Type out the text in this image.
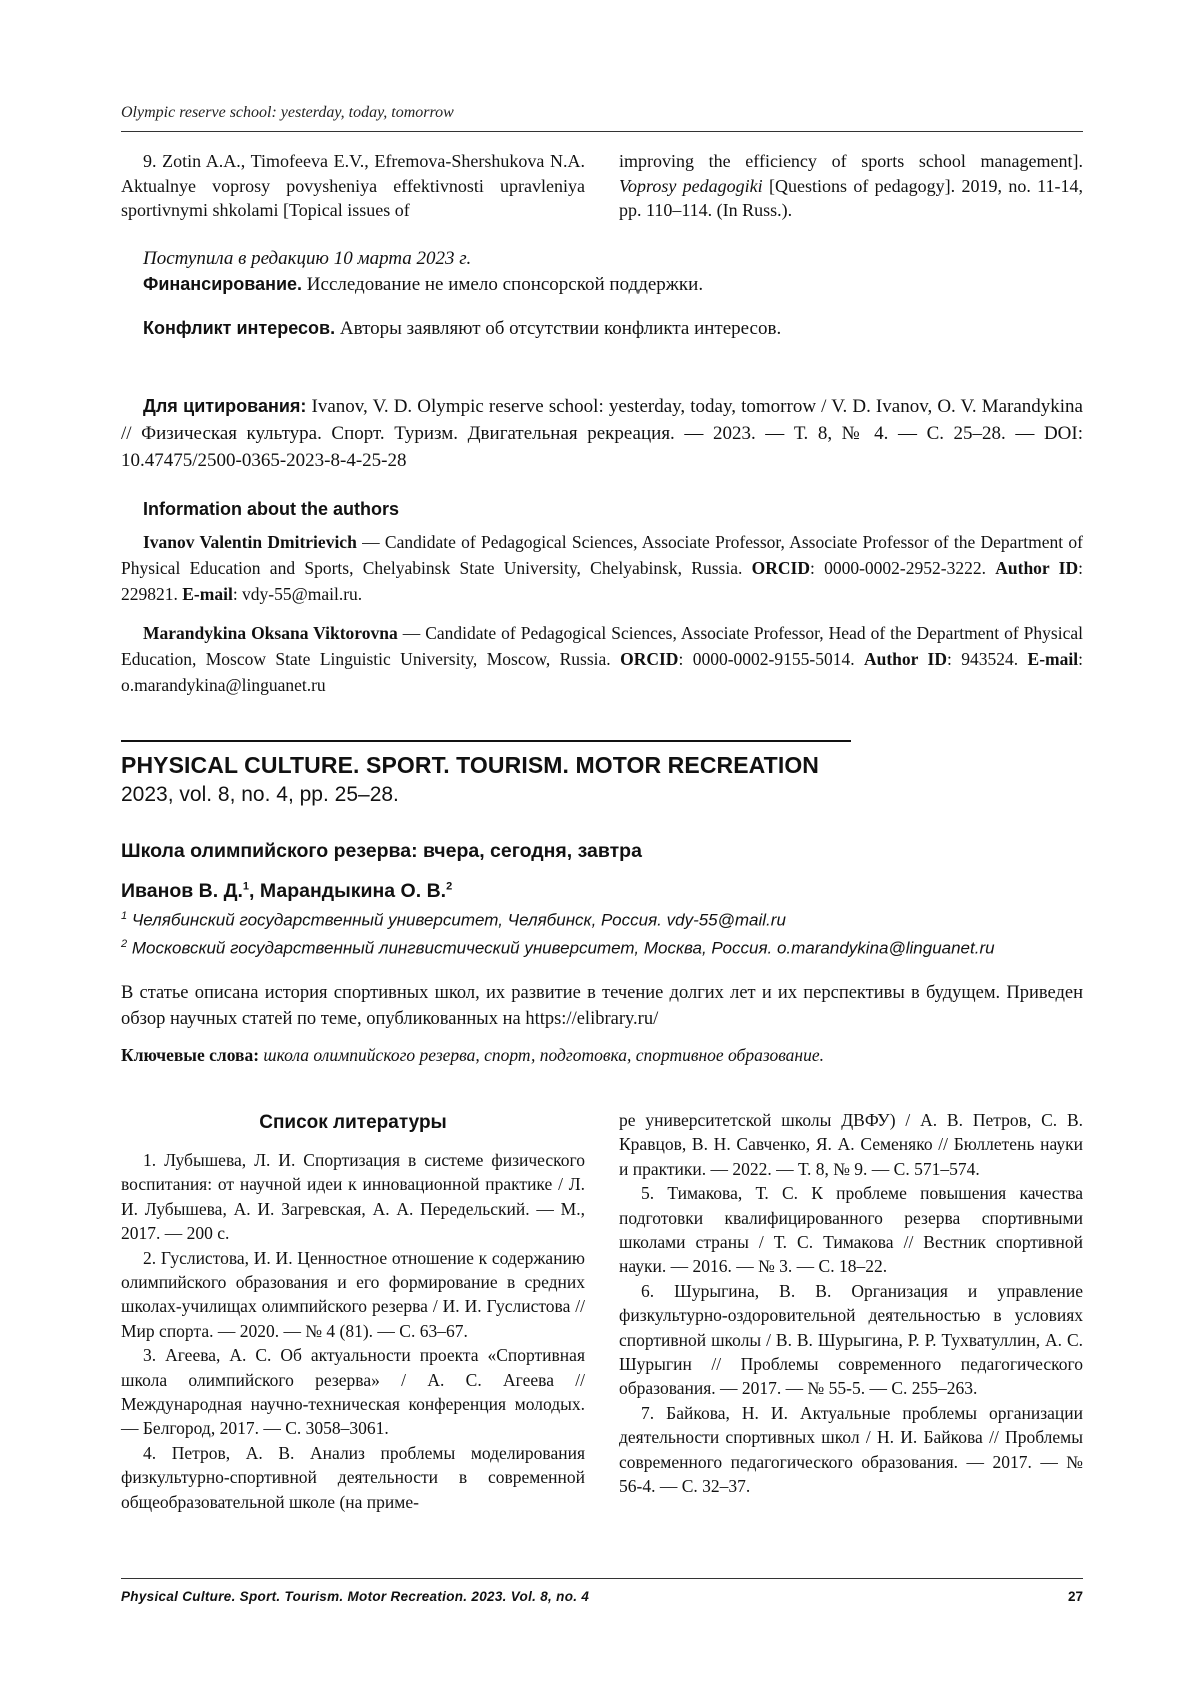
Olympic reserve school: yesterday, today, tomorrow

9. Zotin A.A., Timofeeva E.V., Efremova-Shershukova N.A. Aktualnye voprosy povysheniya effektivnosti upravleniya sportivnymi shkolami [Topical issues of

improving the efficiency of sports school management]. Voprosy pedagogiki [Questions of pedagogy]. 2019, no. 11-14, pp. 110–114. (In Russ.).

Поступила в редакцию 10 марта 2023 г.
Финансирование. Исследование не имело спонсорской поддержки.
Конфликт интересов. Авторы заявляют об отсутствии конфликта интересов.
Для цитирования: Ivanov, V. D. Olympic reserve school: yesterday, today, tomorrow / V. D. Ivanov, O. V. Marandykina // Физическая культура. Спорт. Туризм. Двигательная рекреация. — 2023. — Т. 8, № 4. — С. 25–28. — DOI: 10.47475/2500-0365-2023-8-4-25-28
Information about the authors

Ivanov Valentin Dmitrievich — Candidate of Pedagogical Sciences, Associate Professor, Associate Professor of the Department of Physical Education and Sports, Chelyabinsk State University, Chelyabinsk, Russia. ORCID: 0000-0002-2952-3222. Author ID: 229821. E-mail: vdy-55@mail.ru.

Marandykina Oksana Viktorovna — Candidate of Pedagogical Sciences, Associate Professor, Head of the Department of Physical Education, Moscow State Linguistic University, Moscow, Russia. ORCID: 0000-0002-9155-5014. Author ID: 943524. E-mail: o.marandykina@linguanet.ru

PHYSICAL CULTURE. SPORT. TOURISM. MOTOR RECREATION
2023, vol. 8, no. 4, pp. 25–28.
Школа олимпийского резерва: вчера, сегодня, завтра
Иванов В. Д.$^1$, Марандыкина О. В.$^2$
$^1$ Челябинский государственный университет, Челябинск, Россия. vdy-55@mail.ru
$^2$ Московский государственный лингвистический университет, Москва, Россия. o.marandykina@linguanet.ru

В статье описана история спортивных школ, их развитие в течение долгих лет и их перспективы в будущем. Приведен обзор научных статей по теме, опубликованных на https://elibrary.ru/

Ключевые слова: школа олимпийского резерва, спорт, подготовка, спортивное образование.
Список литературы

1. Лубышева, Л. И. Спортизация в системе физического воспитания: от научной идеи к инновационной практике / Л. И. Лубышева, А. И. Загревская, А. А. Передельский. — М., 2017. — 200 с.

2. Гуслистова, И. И. Ценностное отношение к содержанию олимпийского образования и его формирование в средних школах-училищах олимпийского резерва / И. И. Гуслистова // Мир спорта. — 2020. — № 4 (81). — С. 63–67.

3. Агеева, А. С. Об актуальности проекта «Спортивная школа олимпийского резерва» / А. С. Агеева // Международная научно-техническая конференция молодых. — Белгород, 2017. — С. 3058–3061.

4. Петров, А. В. Анализ проблемы моделирования физкультурно-спортивной деятельности в современной общеобразовательной школе (на приме-

ре университетской школы ДВФУ) / А. В. Петров, С. В. Кравцов, В. Н. Савченко, Я. А. Семеняко // Бюллетень науки и практики. — 2022. — Т. 8, № 9. — С. 571–574.

5. Тимакова, Т. С. К проблеме повышения качества подготовки квалифицированного резерва спортивными школами страны / Т. С. Тимакова // Вестник спортивной науки. — 2016. — № 3. — С. 18–22.

6. Шурыгина, В. В. Организация и управление физкультурно-оздоровительной деятельностью в условиях спортивной школы / В. В. Шурыгина, Р. Р. Тухватуллин, А. С. Шурыгин // Проблемы современного педагогического образования. — 2017. — № 55-5. — С. 255–263.

7. Байкова, Н. И. Актуальные проблемы организации деятельности спортивных школ / Н. И. Байкова // Проблемы современного педагогического образования. — 2017. — № 56-4. — С. 32–37.

Physical Culture. Sport. Tourism. Motor Recreation. 2023. Vol. 8, no. 4	27
